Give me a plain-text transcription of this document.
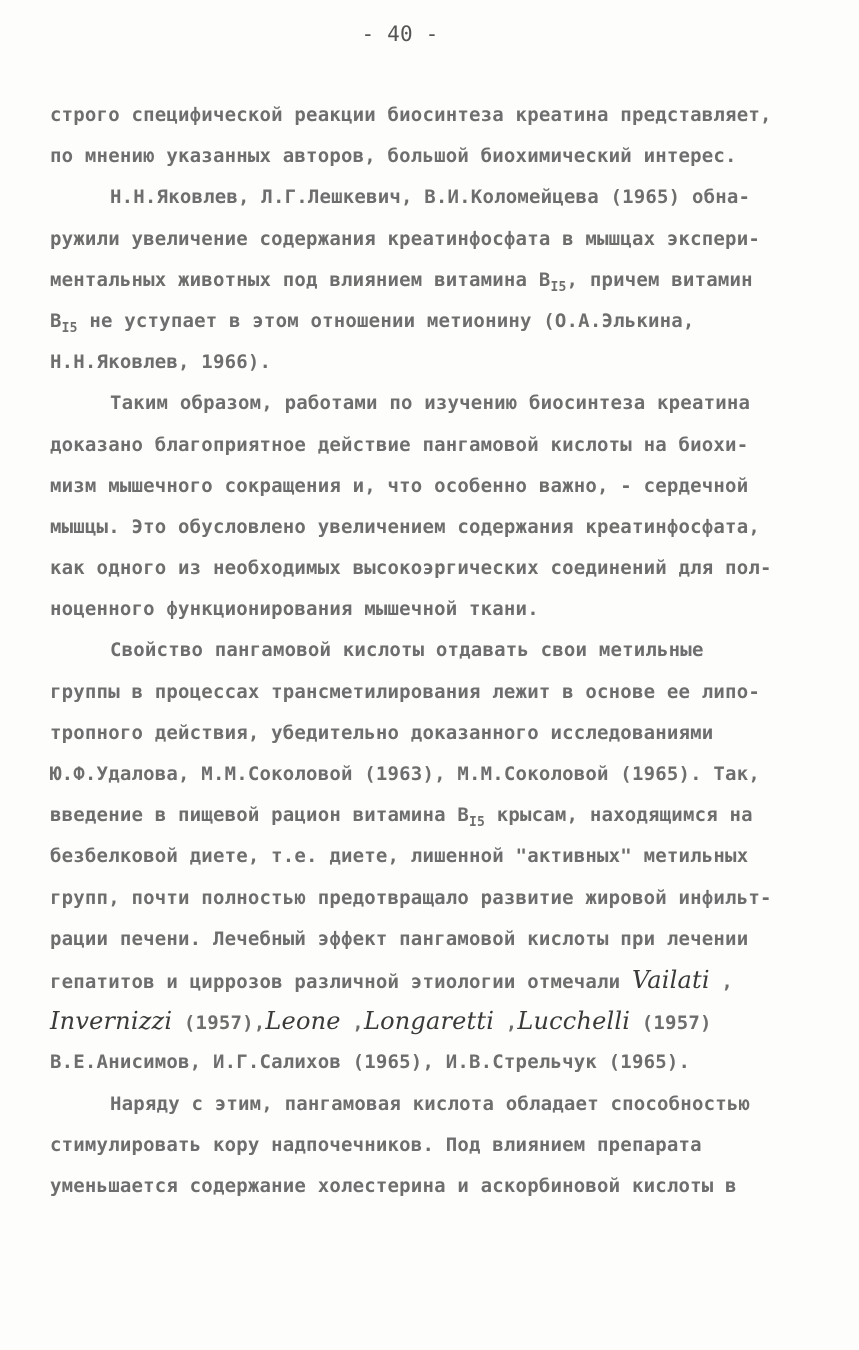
- 40 -
строго специфической реакции биосинтеза креатина представляет,
по мнению указанных авторов, большой биохимический интерес.
Н.Н.Яковлев, Л.Г.Лешкевич, В.И.Коломейцева (1965) обна-
ружили увеличение содержания креатинфосфата в мышцах экспери-
ментальных животных под влиянием витамина $B_{I5}$, причем витамин
$B_{I5}$ не уступает в этом отношении метионину (О.А.Элькина,
Н.Н.Яковлев, 1966).
Таким образом, работами по изучению биосинтеза креатина
доказано благоприятное действие пангамовой кислоты на биохи-
мизм мышечного сокращения и, что особенно важно, - сердечной
мышцы. Это обусловлено увеличением содержания креатинфосфата,
как одного из необходимых высокоэргических соединений для пол-
ноценного функционирования мышечной ткани.
Свойство пангамовой кислоты отдавать свои метильные
группы в процессах трансметилирования лежит в основе ее липо-
тропного действия, убедительно доказанного исследованиями
Ю.Ф.Удалова, М.М.Соколовой (1963), М.М.Соколовой (1965). Так,
введение в пищевой рацион витамина $B_{I5}$ крысам, находящимся на
безбелковой диете, т.е. диете, лишенной "активных" метильных
групп, почти полностью предотвращало развитие жировой инфильт-
рации печени. Лечебный эффект пангамовой кислоты при лечении
гепатитов и циррозов различной этиологии отмечали Vailati ,
Invernizzi (1957),Leone ,Longaretti ,Lucchelli (1957)
В.Е.Анисимов, И.Г.Салихов (1965), И.В.Стрельчук (1965).
Наряду с этим, пангамовая кислота обладает способностью
стимулировать кору надпочечников. Под влиянием препарата
уменьшается содержание холестерина и аскорбиновой кислоты в
